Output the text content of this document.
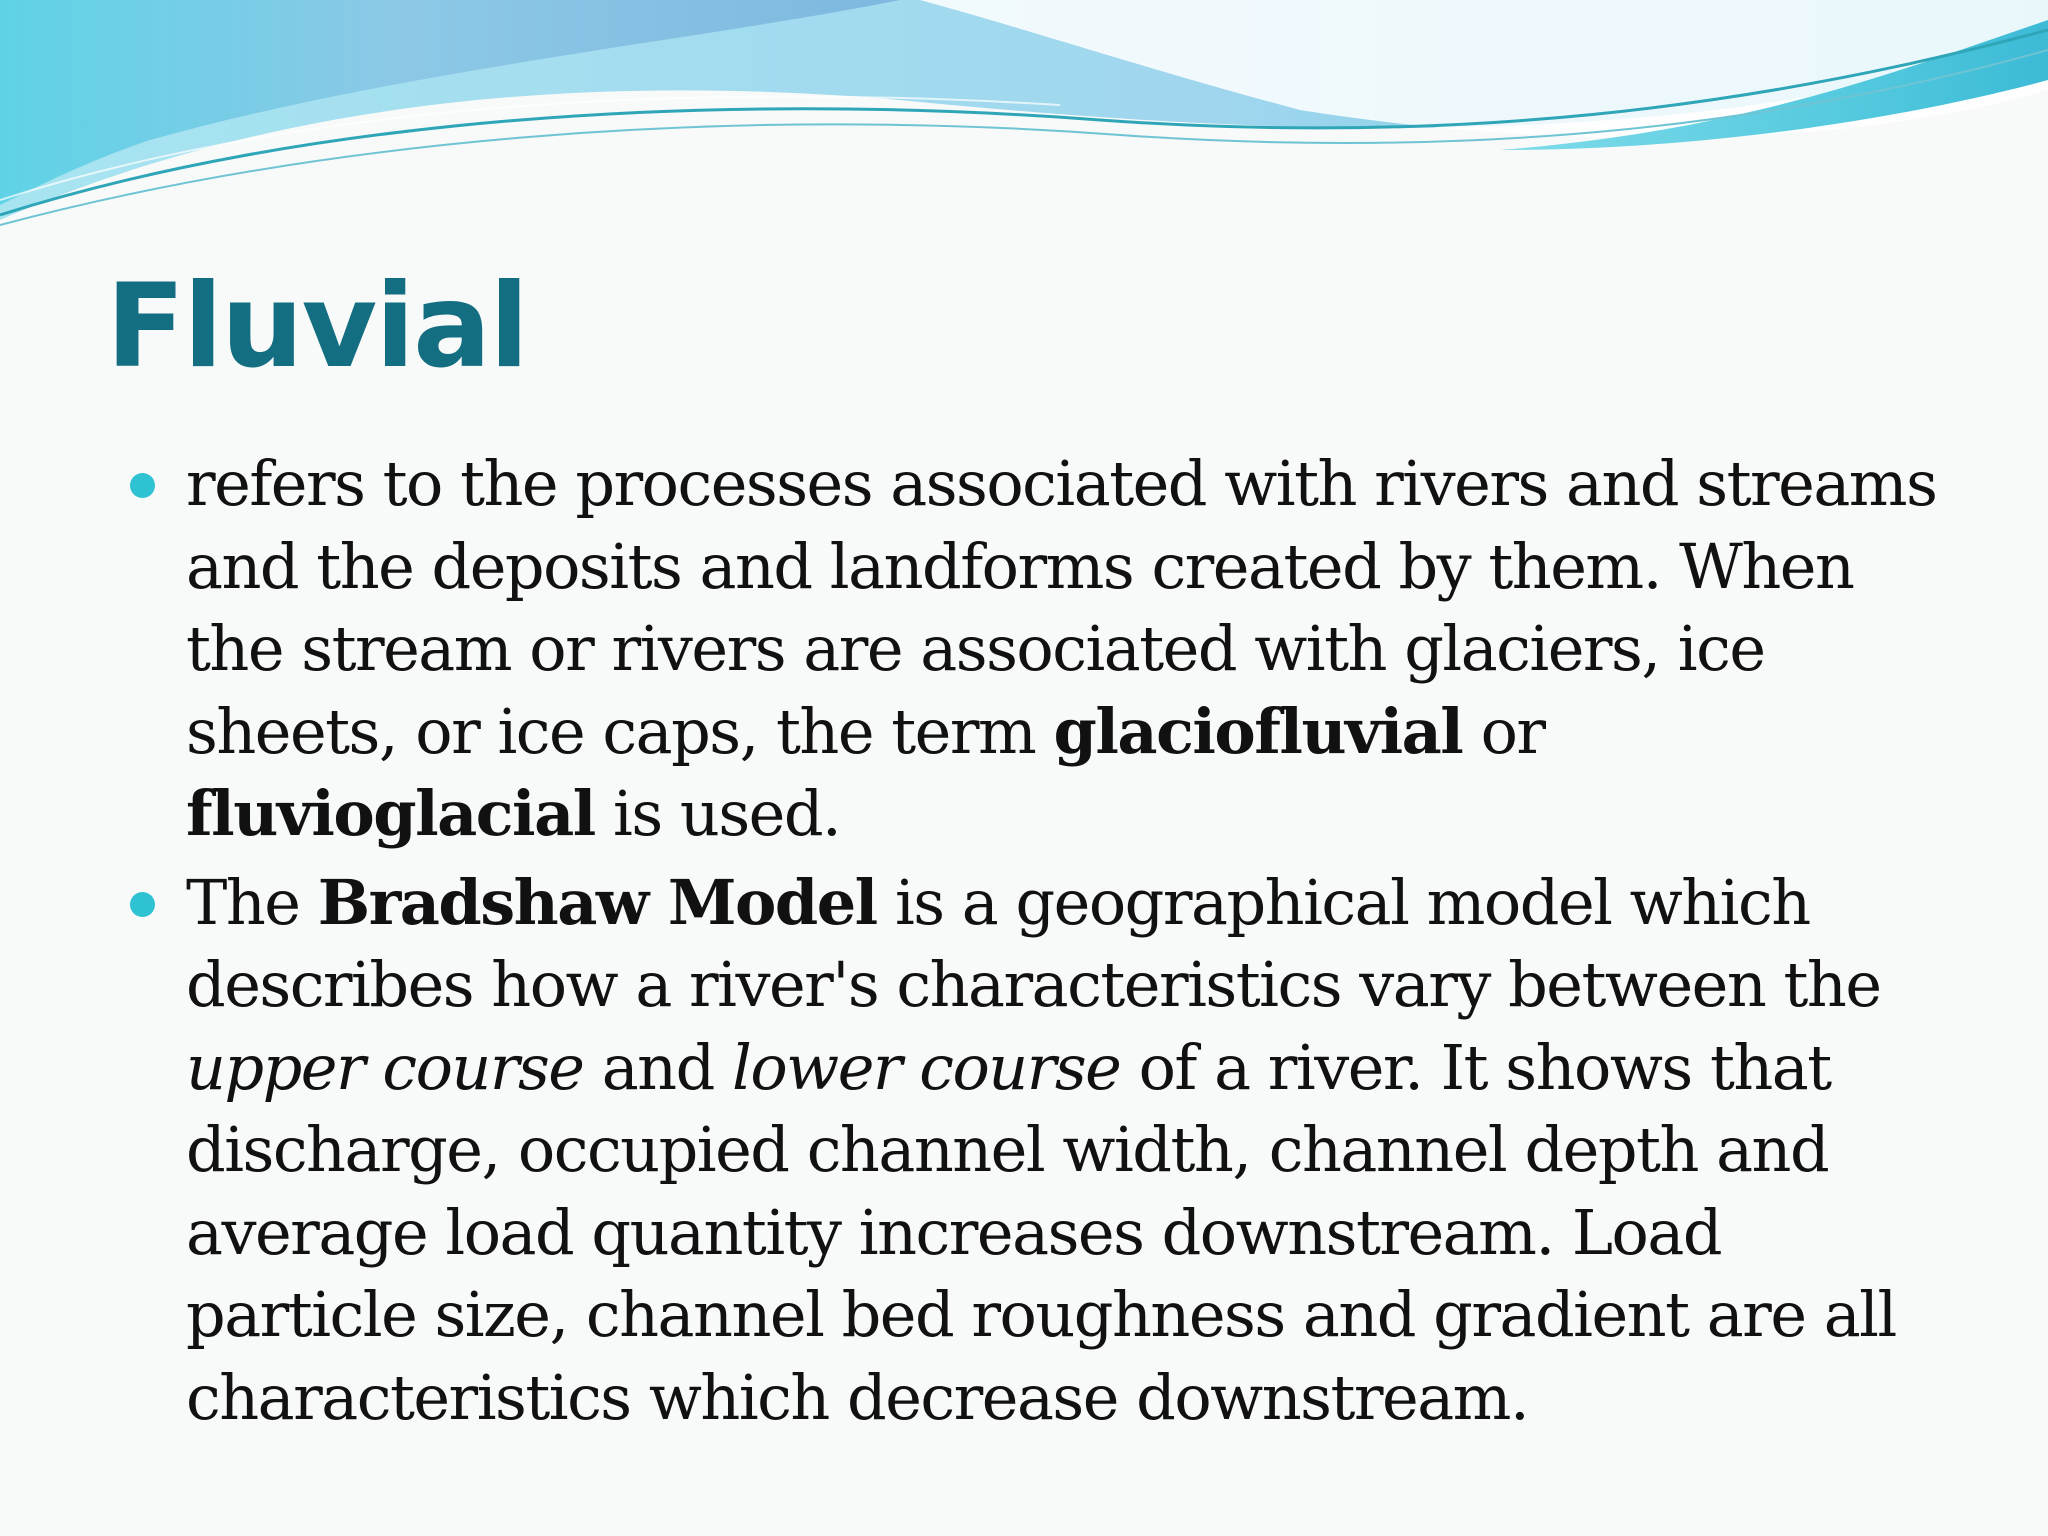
Fluvial
refers to the processes associated with rivers and streams and the deposits and landforms created by them. When the stream or rivers are associated with glaciers, ice sheets, or ice caps, the term glaciofluvial or fluvioglacial is used.
The Bradshaw Model is a geographical model which describes how a river's characteristics vary between the upper course and lower course of a river. It shows that discharge, occupied channel width, channel depth and average load quantity increases downstream. Load particle size, channel bed roughness and gradient are all characteristics which decrease downstream.
